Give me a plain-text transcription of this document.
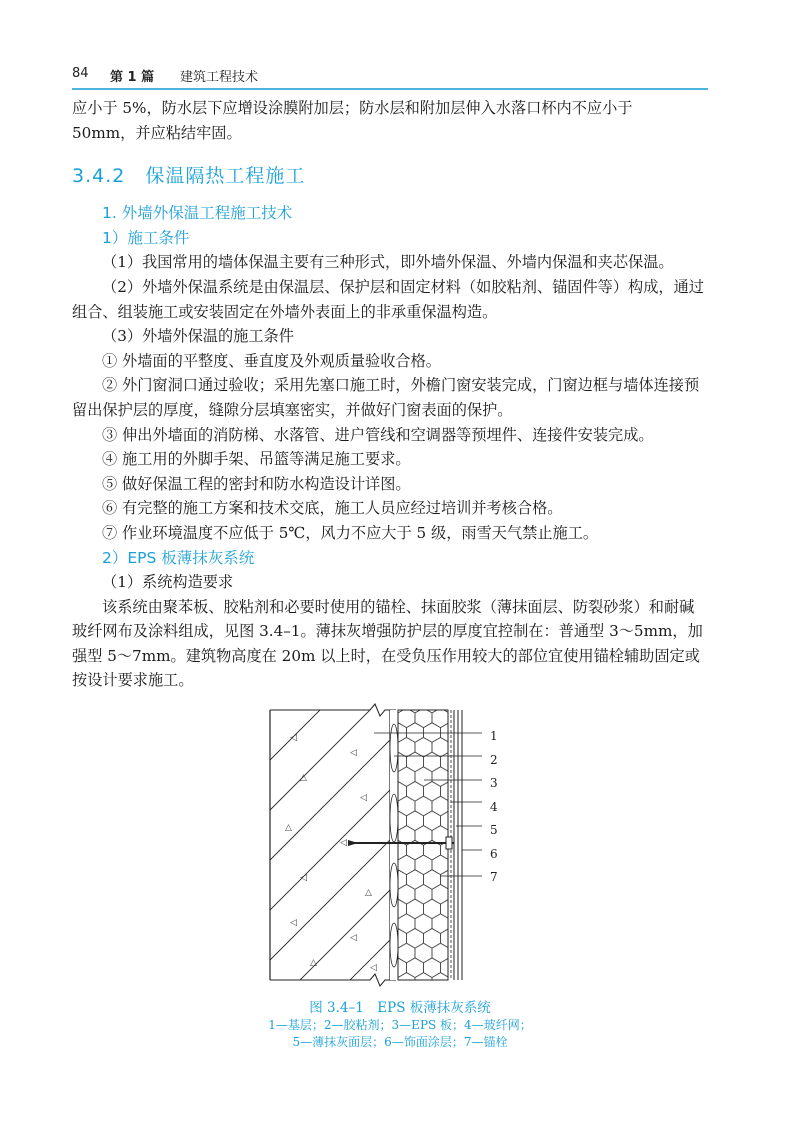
84 第 1 篇 建筑工程技术

应小于 5%，防水层下应增设涂膜附加层；防水层和附加层伸入水落口杯内不应小于

50mm，并应粘结牢固。

3.4.2　保温隔热工程施工

1. 外墙外保温工程施工技术

1）施工条件

（1）我国常用的墙体保温主要有三种形式，即外墙外保温、外墙内保温和夹芯保温。

（2）外墙外保温系统是由保温层、保护层和固定材料（如胶粘剂、锚固件等）构成，通过组合、组装施工或安装固定在外墙外表面上的非承重保温构造。

（3）外墙外保温的施工条件

① 外墙面的平整度、垂直度及外观质量验收合格。

② 外门窗洞口通过验收；采用先塞口施工时，外檐门窗安装完成，门窗边框与墙体连接预留出保护层的厚度，缝隙分层填塞密实，并做好门窗表面的保护。

③ 伸出外墙面的消防梯、水落管、进户管线和空调器等预埋件、连接件安装完成。

④ 施工用的外脚手架、吊篮等满足施工要求。

⑤ 做好保温工程的密封和防水构造设计详图。

⑥ 有完整的施工方案和技术交底，施工人员应经过培训并考核合格。

⑦ 作业环境温度不应低于 5℃，风力不应大于 5 级，雨雪天气禁止施工。

2）EPS 板薄抹灰系统

（1）系统构造要求

该系统由聚苯板、胶粘剂和必要时使用的锚栓、抹面胶浆（薄抹面层、防裂砂浆）和耐碱玻纤网布及涂料组成，见图 3.4–1。薄抹灰增强防护层的厚度宜控制在：普通型 3～5mm，加强型 5～7mm。建筑物高度在 20m 以上时，在受负压作用较大的部位宜使用锚栓辅助固定或按设计要求施工。

◁
◁
△
◁
△
◁
◁
△
◁
◁
△	◁
1
2
3
4
5
6
7
图 3.4–1　EPS 板薄抹灰系统
1—基层；2—胶粘剂；3—EPS 板；4—玻纤网；
5—薄抹灰面层；6—饰面涂层；7—锚栓
